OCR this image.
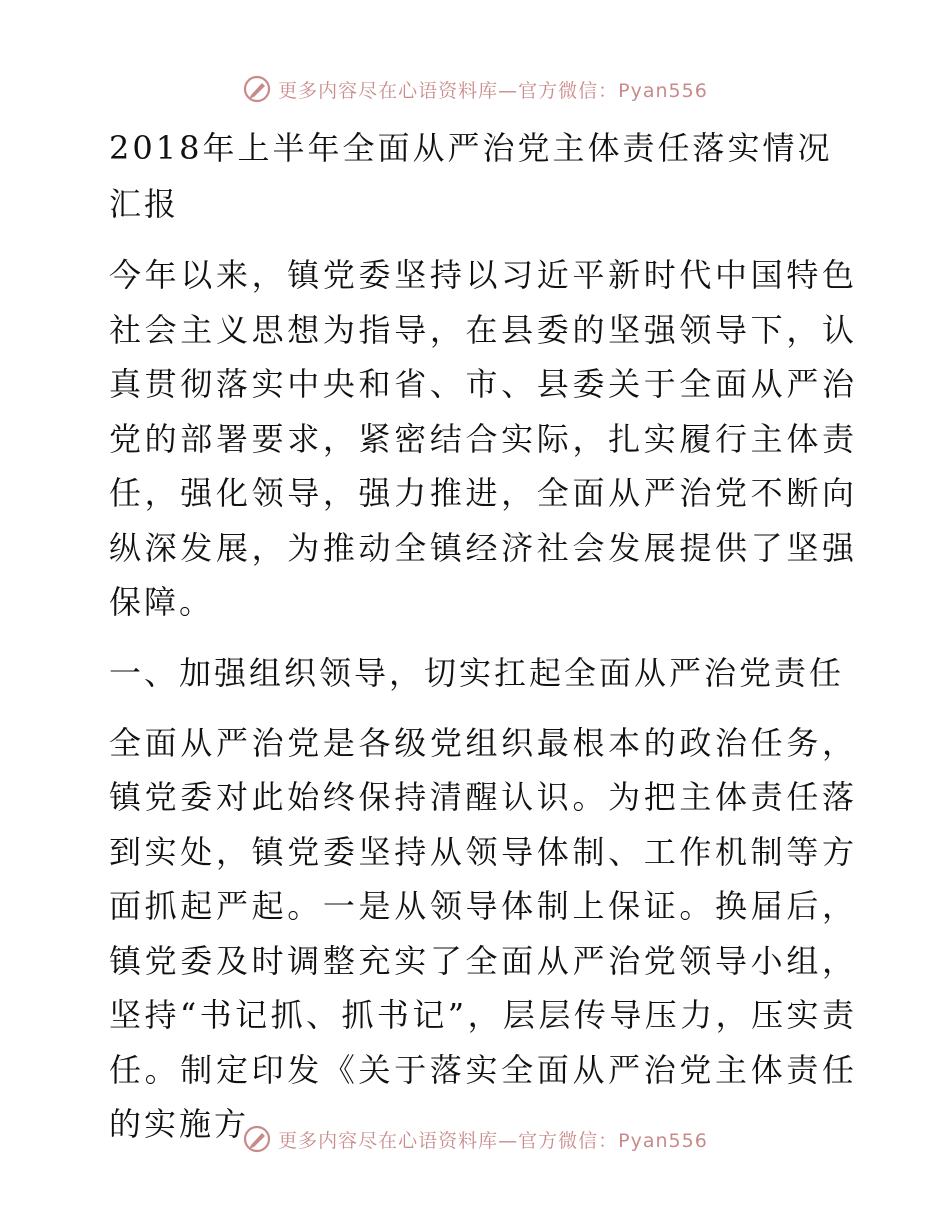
更多内容尽在心语资料库—官方微信：Pyan556
2018年上半年全面从严治党主体责任落实情况汇报
今年以来，镇党委坚持以习近平新时代中国特色社会主义思想为指导，在县委的坚强领导下，认真贯彻落实中央和省、市、县委关于全面从严治党的部署要求，紧密结合实际，扎实履行主体责任，强化领导，强力推进，全面从严治党不断向纵深发展，为推动全镇经济社会发展提供了坚强保障。
一、加强组织领导，切实扛起全面从严治党责任
全面从严治党是各级党组织最根本的政治任务，镇党委对此始终保持清醒认识。为把主体责任落到实处，镇党委坚持从领导体制、工作机制等方面抓起严起。一是从领导体制上保证。换届后，镇党委及时调整充实了全面从严治党领导小组，坚持“书记抓、抓书记”，层层传导压力，压实责任。制定印发《关于落实全面从严治党主体责任的实施方	更多内容尽在心语资料库—官方微信：Pyan556
